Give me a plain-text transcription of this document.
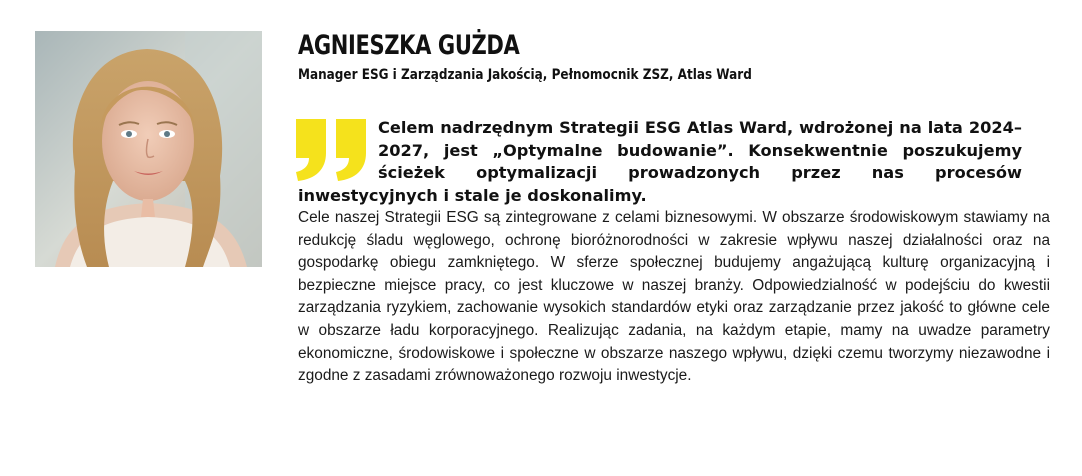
AGNIESZKA GUŻDA
Manager ESG i Zarządzania Jakością, Pełnomocnik ZSZ, Atlas Ward
Celem nadrzędnym Strategii ESG Atlas Ward, wdrożonej na lata 2024–2027, jest „Optymalne budowanie”. Konsekwentnie poszukujemy ścieżek optymalizacji prowadzonych przez nas procesów inwestycyjnych i stale je doskonalimy.
Cele naszej Strategii ESG są zintegrowane z celami biznesowymi. W obszarze środowiskowym stawiamy na redukcję śladu węglowego, ochronę bioróżnorodności w zakresie wpływu naszej działalności oraz na gospodarkę obiegu zamkniętego. W sferze społecznej budujemy angażującą kulturę organizacyjną i bezpieczne miejsce pracy, co jest kluczowe w naszej branży. Odpowiedzialność w podejściu do kwestii zarządzania ryzykiem, zachowanie wysokich standardów etyki oraz zarządzanie przez jakość to główne cele w obszarze ładu korporacyjnego. Realizując zadania, na każdym etapie, mamy na uwadze parametry ekonomiczne, środowiskowe i społeczne w obszarze naszego wpływu, dzięki czemu tworzymy niezawodne i zgodne z zasadami zrównoważonego rozwoju inwestycje.
